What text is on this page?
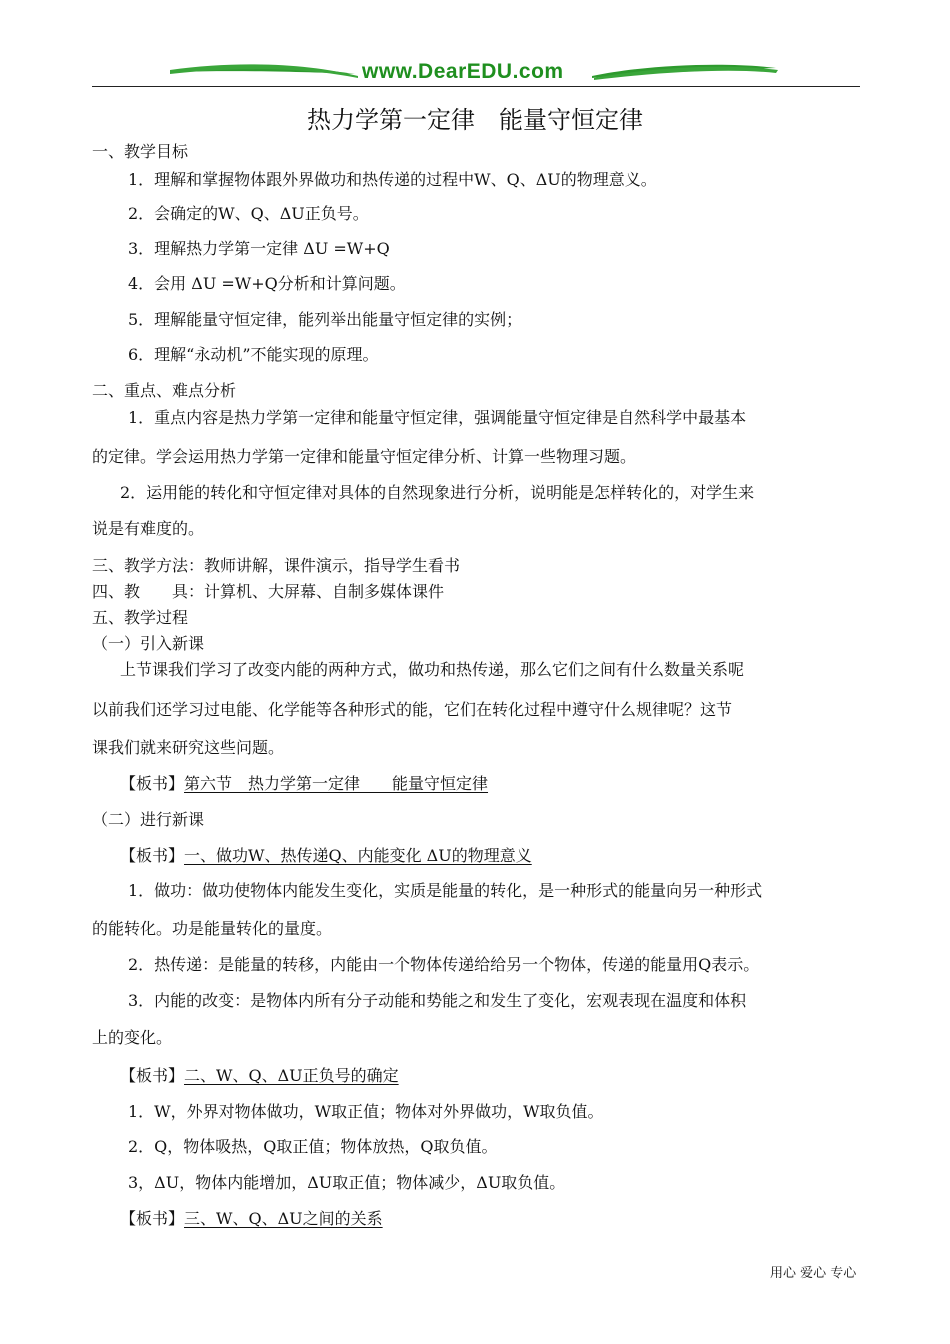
www.DearEDU.com
热力学第一定律　能量守恒定律
一、教学目标
1．理解和掌握物体跟外界做功和热传递的过程中W、Q、ΔU的物理意义。
2．会确定的W、Q、ΔU正负号。
3．理解热力学第一定律 ΔU =W+Q
4．会用 ΔU =W+Q分析和计算问题。
5．理解能量守恒定律，能列举出能量守恒定律的实例；
6．理解“永动机”不能实现的原理。
二、重点、难点分析
1．重点内容是热力学第一定律和能量守恒定律，强调能量守恒定律是自然科学中最基本
的定律。学会运用热力学第一定律和能量守恒定律分析、计算一些物理习题。
2．运用能的转化和守恒定律对具体的自然现象进行分析，说明能是怎样转化的，对学生来
说是有难度的。
三、教学方法：教师讲解，课件演示，指导学生看书
四、教　　具：计算机、大屏幕、自制多媒体课件
五、教学过程
（一）引入新课
上节课我们学习了改变内能的两种方式，做功和热传递，那么它们之间有什么数量关系呢
以前我们还学习过电能、化学能等各种形式的能，它们在转化过程中遵守什么规律呢？这节
课我们就来研究这些问题。
【板书】第六节　热力学第一定律　　能量守恒定律
（二）进行新课
【板书】一、做功W、热传递Q、内能变化 ΔU的物理意义
1．做功：做功使物体内能发生变化，实质是能量的转化，是一种形式的能量向另一种形式
的能转化。功是能量转化的量度。
2．热传递：是能量的转移，内能由一个物体传递给给另一个物体，传递的能量用Q表示。
3．内能的改变：是物体内所有分子动能和势能之和发生了变化，宏观表现在温度和体积
上的变化。
【板书】二、W、Q、ΔU正负号的确定
1．W，外界对物体做功，W取正值；物体对外界做功，W取负值。
2．Q，物体吸热，Q取正值；物体放热，Q取负值。
3，ΔU，物体内能增加，ΔU取正值；物体减少，ΔU取负值。
【板书】三、W、Q、ΔU之间的关系
用心 爱心 专心
